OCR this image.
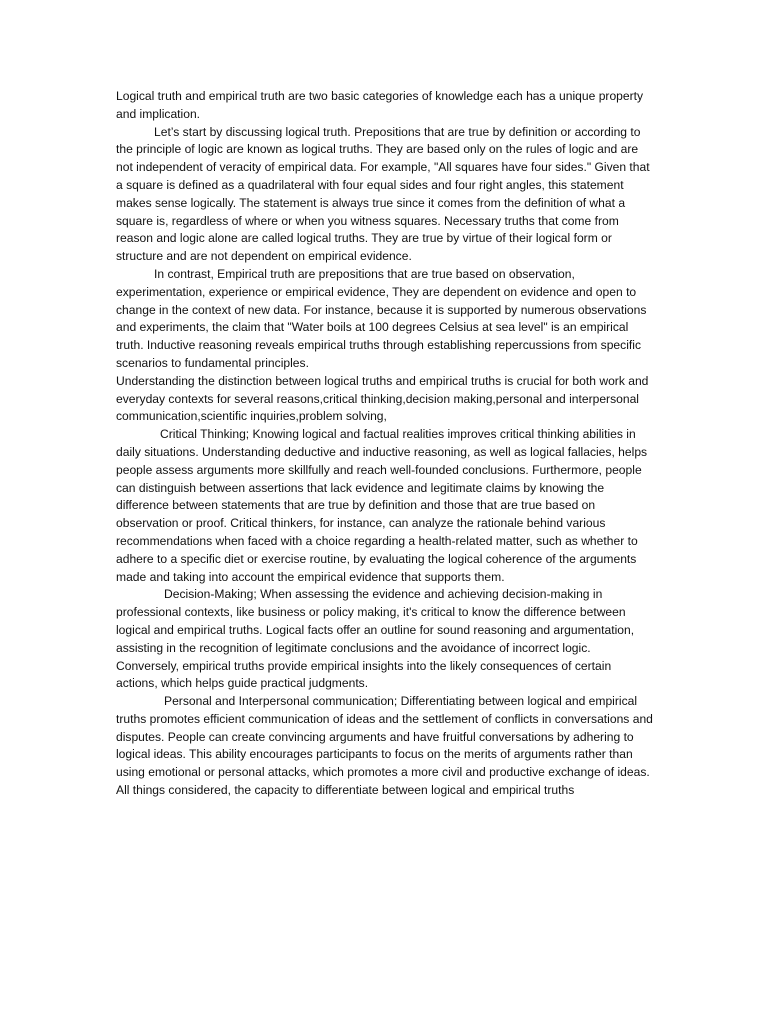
Logical truth and empirical truth are two basic categories of knowledge each has a unique property and implication.

Let’s start by discussing logical truth. Prepositions that are true by definition or according to the principle of logic are known as logical truths. They are based only on the rules of logic and are not independent of veracity of empirical data. For example, "All squares have four sides." Given that a square is defined as a quadrilateral with four equal sides and four right angles, this statement makes sense logically. The statement is always true since it comes from the definition of what a square is, regardless of where or when you witness squares. Necessary truths that come from reason and logic alone are called logical truths. They are true by virtue of their logical form or structure and are not dependent on empirical evidence.

In contrast, Empirical truth are prepositions that are true based on observation, experimentation, experience or empirical evidence, They are dependent on evidence and open to change in the context of new data. For instance, because it is supported by numerous observations and experiments, the claim that "Water boils at 100 degrees Celsius at sea level" is an empirical truth. Inductive reasoning reveals empirical truths through establishing repercussions from specific scenarios to fundamental principles.

Understanding the distinction between logical truths and empirical truths is crucial for both work and everyday contexts for several reasons,critical thinking,decision making,personal and interpersonal communication,scientific inquiries,problem solving,

Critical Thinking; Knowing logical and factual realities improves critical thinking abilities in daily situations. Understanding deductive and inductive reasoning, as well as logical fallacies, helps people assess arguments more skillfully and reach well-founded conclusions. Furthermore, people can distinguish between assertions that lack evidence and legitimate claims by knowing the difference between statements that are true by definition and those that are true based on observation or proof. Critical thinkers, for instance, can analyze the rationale behind various recommendations when faced with a choice regarding a health-related matter, such as whether to adhere to a specific diet or exercise routine, by evaluating the logical coherence of the arguments made and taking into account the empirical evidence that supports them.

Decision-Making; When assessing the evidence and achieving decision-making in professional contexts, like business or policy making, it's critical to know the difference between logical and empirical truths. Logical facts offer an outline for sound reasoning and argumentation, assisting in the recognition of legitimate conclusions and the avoidance of incorrect logic. Conversely, empirical truths provide empirical insights into the likely consequences of certain actions, which helps guide practical judgments.

Personal and Interpersonal communication; Differentiating between logical and empirical truths promotes efficient communication of ideas and the settlement of conflicts in conversations and disputes. People can create convincing arguments and have fruitful conversations by adhering to logical ideas. This ability encourages participants to focus on the merits of arguments rather than using emotional or personal attacks, which promotes a more civil and productive exchange of ideas. All things considered, the capacity to differentiate between logical and empirical truths
